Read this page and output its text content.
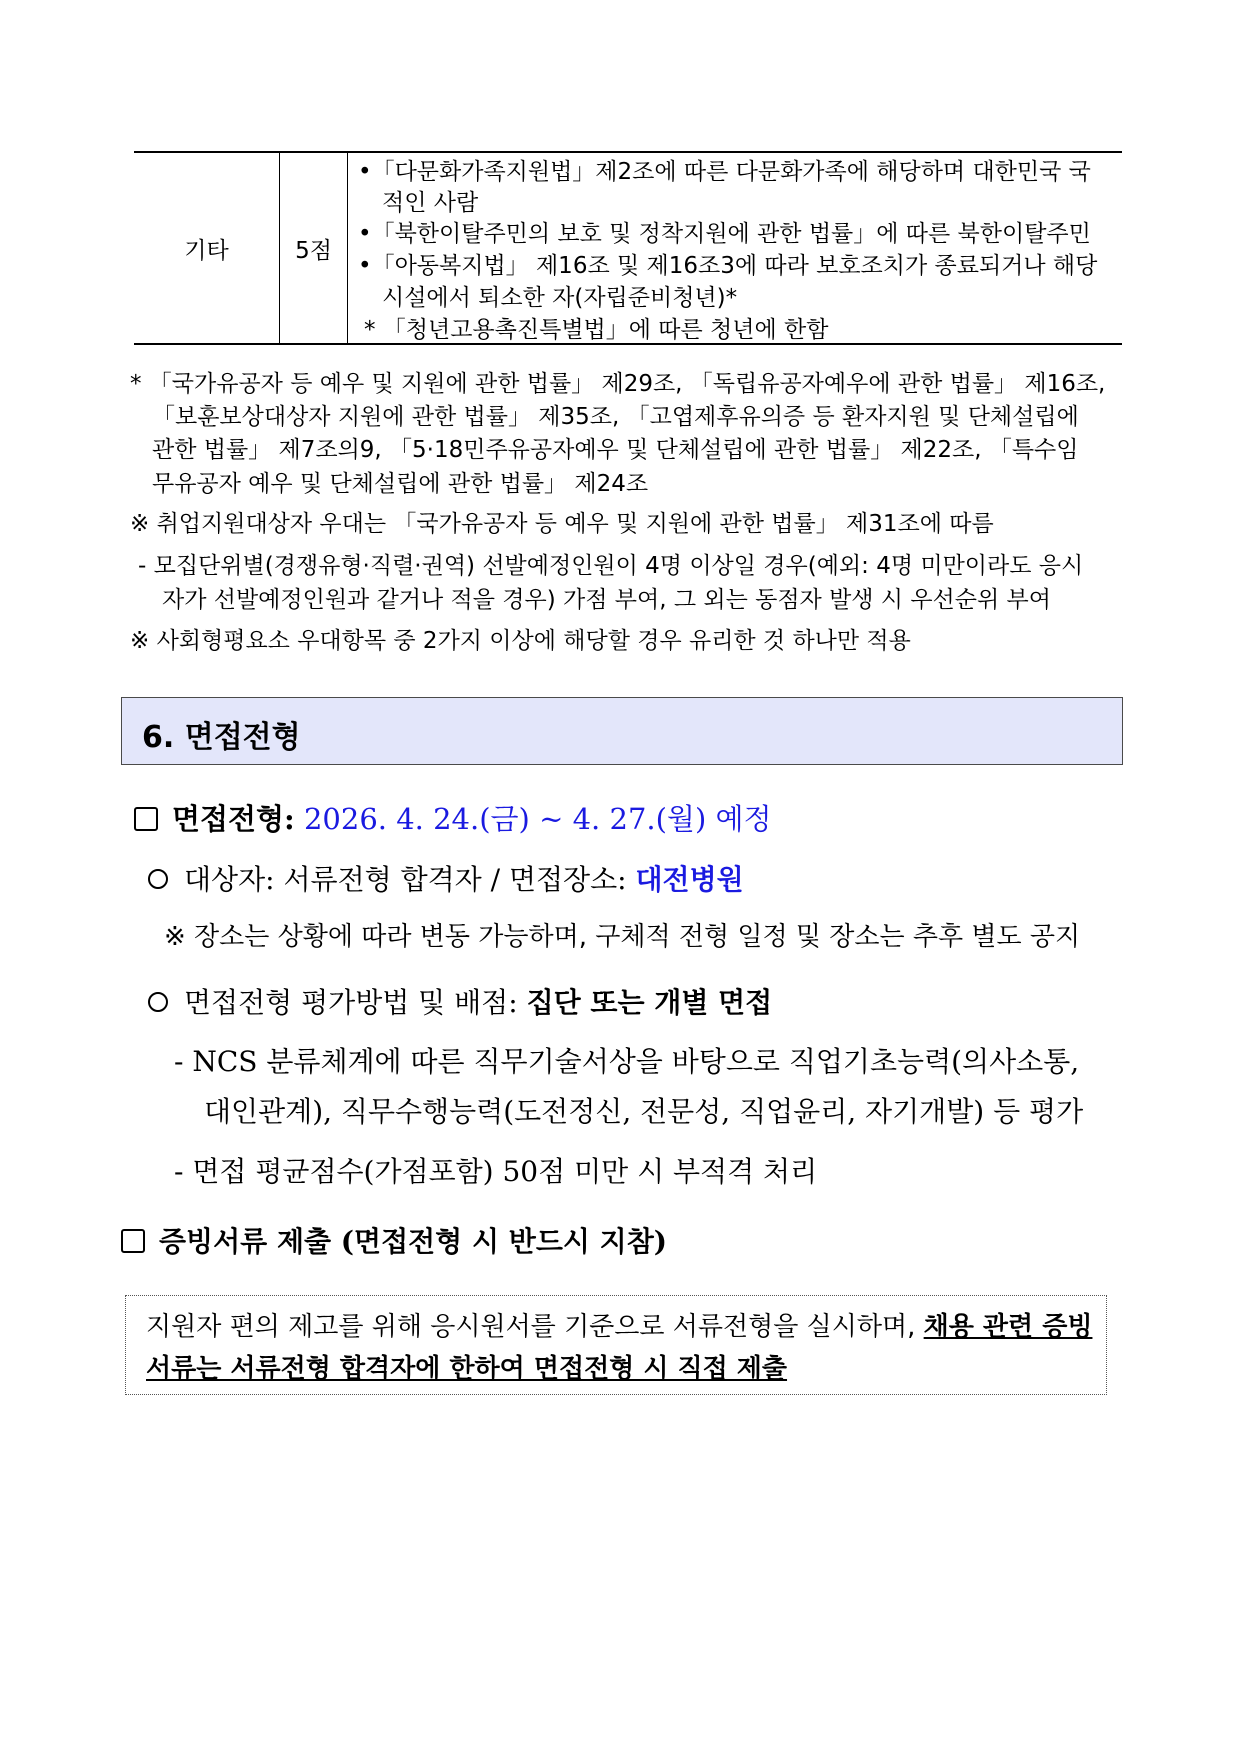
기타	5점
•「다문화가족지원법」제2조에 따른 다문화가족에 해당하며 대한민국 국
적인 사람
•「북한이탈주민의 보호 및 정착지원에 관한 법률」에 따른 북한이탈주민
•「아동복지법」 제16조 및 제16조3에 따라 보호조치가 종료되거나 해당
시설에서 퇴소한 자(자립준비청년)*
* 「청년고용촉진특별법」에 따른 청년에 한함
* 「국가유공자 등 예우 및 지원에 관한 법률」 제29조, 「독립유공자예우에 관한 법률」 제16조,
「보훈보상대상자 지원에 관한 법률」 제35조, 「고엽제후유의증 등 환자지원 및 단체설립에
관한 법률」 제7조의9, 「5·18민주유공자예우 및 단체설립에 관한 법률」 제22조, 「특수임
무유공자 예우 및 단체설립에 관한 법률」 제24조
※ 취업지원대상자 우대는 「국가유공자 등 예우 및 지원에 관한 법률」 제31조에 따름
- 모집단위별(경쟁유형·직렬·권역) 선발예정인원이 4명 이상일 경우(예외: 4명 미만이라도 응시
자가 선발예정인원과 같거나 적을 경우) 가점 부여, 그 외는 동점자 발생 시 우선순위 부여
※ 사회형평요소 우대항목 중 2가지 이상에 해당할 경우 유리한 것 하나만 적용
6. 면접전형
면접전형: 2026. 4. 24.(금) ~ 4. 27.(월) 예정
대상자: 서류전형 합격자 / 면접장소: 대전병원
※ 장소는 상황에 따라 변동 가능하며, 구체적 전형 일정 및 장소는 추후 별도 공지
면접전형 평가방법 및 배점: 집단 또는 개별 면접
- NCS 분류체계에 따른 직무기술서상을 바탕으로 직업기초능력(의사소통,
대인관계), 직무수행능력(도전정신, 전문성, 직업윤리, 자기개발) 등 평가
- 면접 평균점수(가점포함) 50점 미만 시 부적격 처리
증빙서류 제출 (면접전형 시 반드시 지참)
지원자 편의 제고를 위해 응시원서를 기준으로 서류전형을 실시하며, 채용 관련 증빙
서류는 서류전형 합격자에 한하여 면접전형 시 직접 제출
